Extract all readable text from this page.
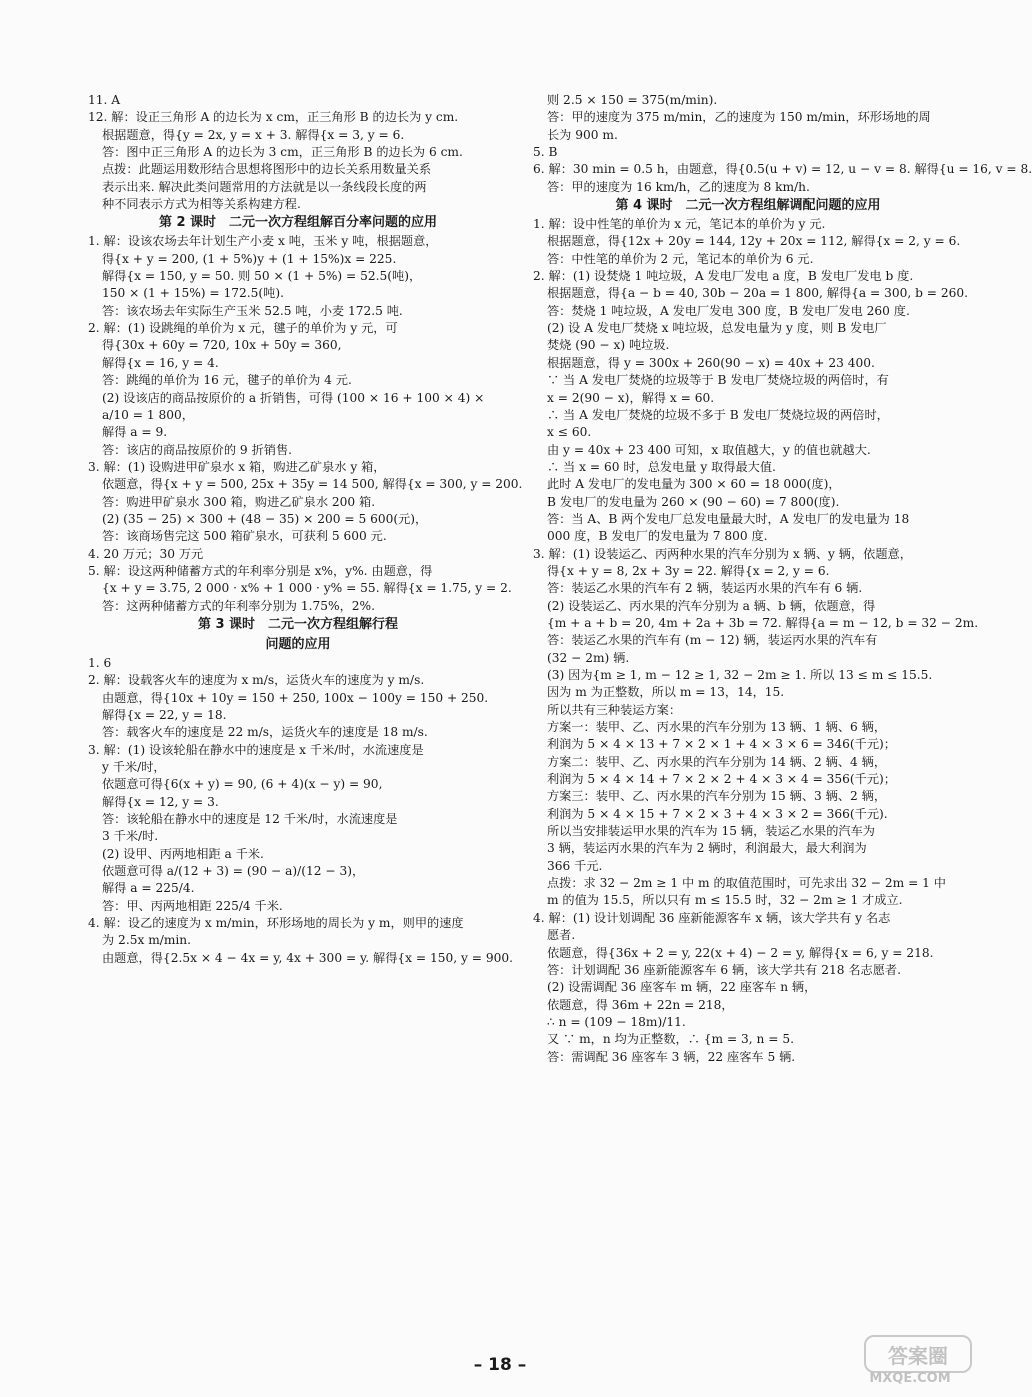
11. A
12. 解：设正三角形 A 的边长为 x cm，正三角形 B 的边长为 y cm.
根据题意，得{y = 2x, y = x + 3. 解得{x = 3, y = 6.
答：图中正三角形 A 的边长为 3 cm，正三角形 B 的边长为 6 cm.
点拨：此题运用数形结合思想将图形中的边长关系用数量关系
表示出来. 解决此类问题常用的方法就是以一条线段长度的两
种不同表示方式为相等关系构建方程.
第 2 课时　二元一次方程组解百分率问题的应用
1. 解：设该农场去年计划生产小麦 x 吨，玉米 y 吨，根据题意，
得{x + y = 200, (1 + 5%)y + (1 + 15%)x = 225.
解得{x = 150, y = 50. 则 50 × (1 + 5%) = 52.5(吨)，
150 × (1 + 15%) = 172.5(吨).
答：该农场去年实际生产玉米 52.5 吨，小麦 172.5 吨.
2. 解：(1) 设跳绳的单价为 x 元，毽子的单价为 y 元，可
得{30x + 60y = 720, 10x + 50y = 360,
解得{x = 16, y = 4.
答：跳绳的单价为 16 元，毽子的单价为 4 元.
(2) 设该店的商品按原价的 a 折销售，可得 (100 × 16 + 100 × 4) ×
a/10 = 1 800，
解得 a = 9.
答：该店的商品按原价的 9 折销售.
3. 解：(1) 设购进甲矿泉水 x 箱，购进乙矿泉水 y 箱，
依题意，得{x + y = 500, 25x + 35y = 14 500, 解得{x = 300, y = 200.
答：购进甲矿泉水 300 箱，购进乙矿泉水 200 箱.
(2) (35 − 25) × 300 + (48 − 35) × 200 = 5 600(元)，
答：该商场售完这 500 箱矿泉水，可获利 5 600 元.
4. 20 万元；30 万元
5. 解：设这两种储蓄方式的年利率分别是 x%，y%. 由题意，得
{x + y = 3.75, 2 000 · x% + 1 000 · y% = 55. 解得{x = 1.75, y = 2.
答：这两种储蓄方式的年利率分别为 1.75%，2%.
第 3 课时　二元一次方程组解行程
问题的应用
1. 6
2. 解：设载客火车的速度为 x m/s，运货火车的速度为 y m/s.
由题意，得{10x + 10y = 150 + 250, 100x − 100y = 150 + 250.
解得{x = 22, y = 18.
答：载客火车的速度是 22 m/s，运货火车的速度是 18 m/s.
3. 解：(1) 设该轮船在静水中的速度是 x 千米/时，水流速度是
y 千米/时，
依题意可得{6(x + y) = 90, (6 + 4)(x − y) = 90,
解得{x = 12, y = 3.
答：该轮船在静水中的速度是 12 千米/时，水流速度是
3 千米/时.
(2) 设甲、丙两地相距 a 千米.
依题意可得 a/(12 + 3) = (90 − a)/(12 − 3)，
解得 a = 225/4.
答：甲、丙两地相距 225/4 千米.
4. 解：设乙的速度为 x m/min，环形场地的周长为 y m，则甲的速度
为 2.5x m/min.
由题意，得{2.5x × 4 − 4x = y, 4x + 300 = y. 解得{x = 150, y = 900.
则 2.5 × 150 = 375(m/min).
答：甲的速度为 375 m/min，乙的速度为 150 m/min，环形场地的周
长为 900 m.
5. B
6. 解：30 min = 0.5 h，由题意，得{0.5(u + v) = 12, u − v = 8. 解得{u = 16, v = 8.
答：甲的速度为 16 km/h，乙的速度为 8 km/h.
第 4 课时　二元一次方程组解调配问题的应用
1. 解：设中性笔的单价为 x 元，笔记本的单价为 y 元.
根据题意，得{12x + 20y = 144, 12y + 20x = 112, 解得{x = 2, y = 6.
答：中性笔的单价为 2 元，笔记本的单价为 6 元.
2. 解：(1) 设焚烧 1 吨垃圾，A 发电厂发电 a 度，B 发电厂发电 b 度.
根据题意，得{a − b = 40, 30b − 20a = 1 800, 解得{a = 300, b = 260.
答：焚烧 1 吨垃圾，A 发电厂发电 300 度，B 发电厂发电 260 度.
(2) 设 A 发电厂焚烧 x 吨垃圾，总发电量为 y 度，则 B 发电厂
焚烧 (90 − x) 吨垃圾.
根据题意，得 y = 300x + 260(90 − x) = 40x + 23 400.
∵ 当 A 发电厂焚烧的垃圾等于 B 发电厂焚烧垃圾的两倍时，有
x = 2(90 − x)，解得 x = 60.
∴ 当 A 发电厂焚烧的垃圾不多于 B 发电厂焚烧垃圾的两倍时，
x ≤ 60.
由 y = 40x + 23 400 可知，x 取值越大，y 的值也就越大.
∴ 当 x = 60 时，总发电量 y 取得最大值.
此时 A 发电厂的发电量为 300 × 60 = 18 000(度)，
B 发电厂的发电量为 260 × (90 − 60) = 7 800(度).
答：当 A、B 两个发电厂总发电量最大时，A 发电厂的发电量为 18
000 度，B 发电厂的发电量为 7 800 度.
3. 解：(1) 设装运乙、丙两种水果的汽车分别为 x 辆、y 辆，依题意，
得{x + y = 8, 2x + 3y = 22. 解得{x = 2, y = 6.
答：装运乙水果的汽车有 2 辆，装运丙水果的汽车有 6 辆.
(2) 设装运乙、丙水果的汽车分别为 a 辆、b 辆，依题意，得
{m + a + b = 20, 4m + 2a + 3b = 72. 解得{a = m − 12, b = 32 − 2m.
答：装运乙水果的汽车有 (m − 12) 辆，装运丙水果的汽车有
(32 − 2m) 辆.
(3) 因为{m ≥ 1, m − 12 ≥ 1, 32 − 2m ≥ 1. 所以 13 ≤ m ≤ 15.5.
因为 m 为正整数，所以 m = 13，14，15.
所以共有三种装运方案：
方案一：装甲、乙、丙水果的汽车分别为 13 辆、1 辆、6 辆，
利润为 5 × 4 × 13 + 7 × 2 × 1 + 4 × 3 × 6 = 346(千元)；
方案二：装甲、乙、丙水果的汽车分别为 14 辆、2 辆、4 辆，
利润为 5 × 4 × 14 + 7 × 2 × 2 + 4 × 3 × 4 = 356(千元)；
方案三：装甲、乙、丙水果的汽车分别为 15 辆、3 辆、2 辆，
利润为 5 × 4 × 15 + 7 × 2 × 3 + 4 × 3 × 2 = 366(千元).
所以当安排装运甲水果的汽车为 15 辆，装运乙水果的汽车为
3 辆，装运丙水果的汽车为 2 辆时，利润最大，最大利润为
366 千元.
点拨：求 32 − 2m ≥ 1 中 m 的取值范围时，可先求出 32 − 2m = 1 中
m 的值为 15.5，所以只有 m ≤ 15.5 时，32 − 2m ≥ 1 才成立.
4. 解：(1) 设计划调配 36 座新能源客车 x 辆，该大学共有 y 名志
愿者.
依题意，得{36x + 2 = y, 22(x + 4) − 2 = y, 解得{x = 6, y = 218.
答：计划调配 36 座新能源客车 6 辆，该大学共有 218 名志愿者.
(2) 设需调配 36 座客车 m 辆，22 座客车 n 辆，
依题意，得 36m + 22n = 218，
∴ n = (109 − 18m)/11.
又 ∵ m，n 均为正整数，∴ {m = 3, n = 5.
答：需调配 36 座客车 3 辆，22 座客车 5 辆.
– 18 –	答案圈
MXQE.COM
